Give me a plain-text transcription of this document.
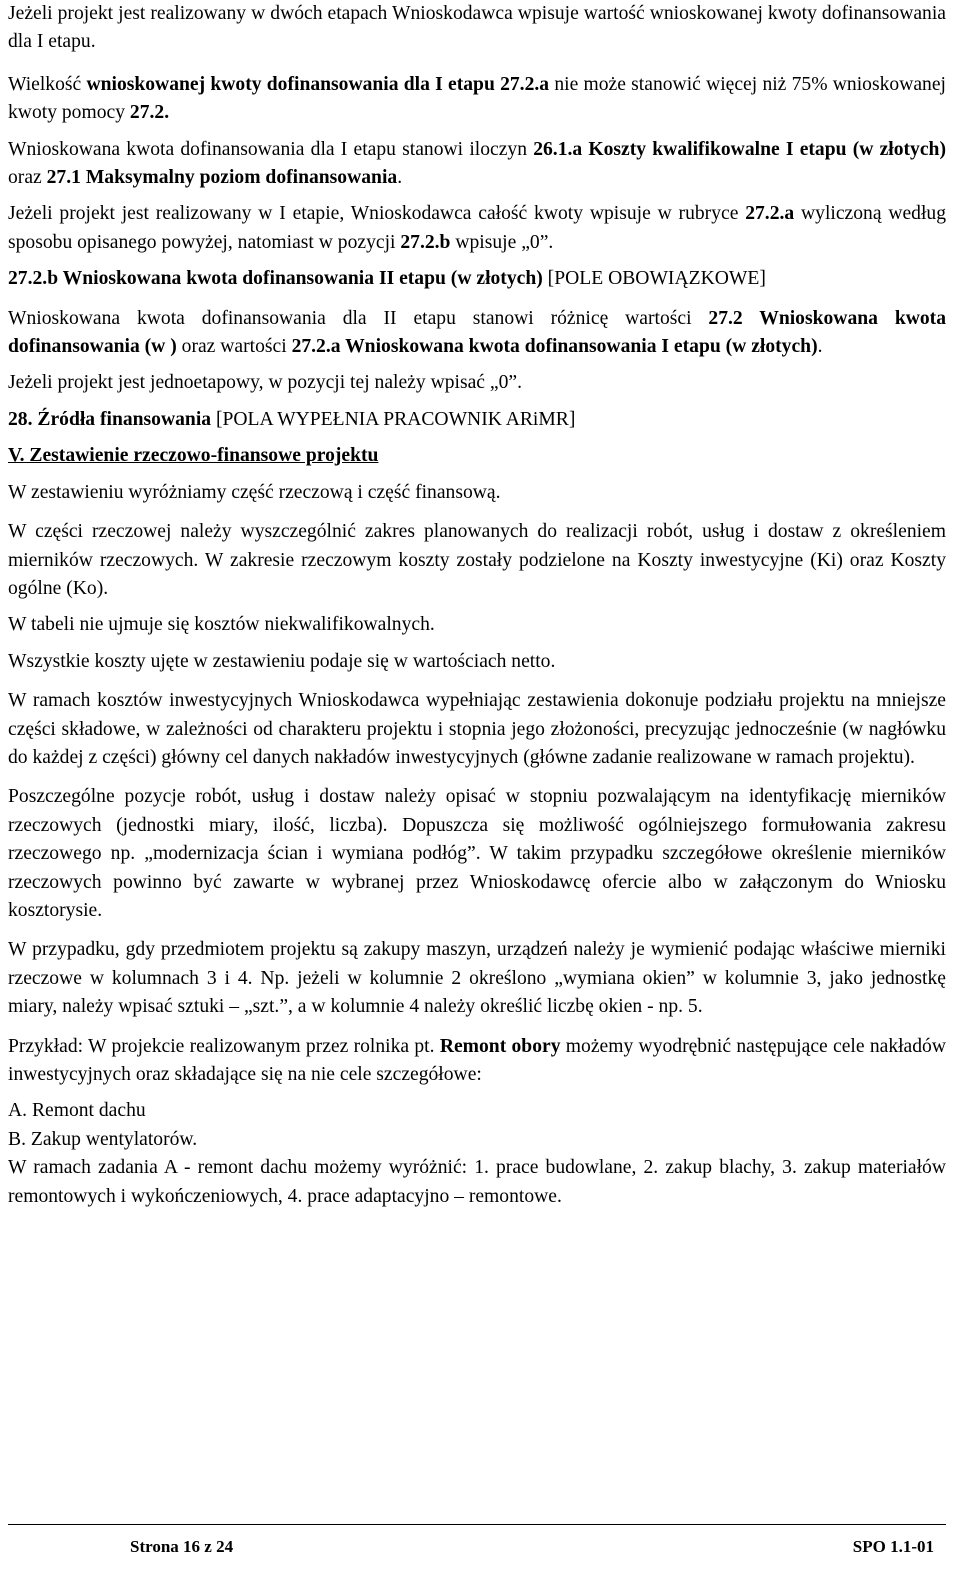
Jeżeli projekt jest realizowany w dwóch etapach Wnioskodawca wpisuje wartość wnioskowanej kwoty dofinansowania dla I etapu.

Wielkość wnioskowanej kwoty dofinansowania dla I etapu 27.2.a nie może stanowić więcej niż 75% wnioskowanej kwoty pomocy 27.2.

Wnioskowana kwota dofinansowania dla I etapu stanowi iloczyn 26.1.a Koszty kwalifikowalne I etapu (w złotych) oraz 27.1 Maksymalny poziom dofinansowania.

Jeżeli projekt jest realizowany w I etapie, Wnioskodawca całość kwoty wpisuje w rubryce 27.2.a wyliczoną według sposobu opisanego powyżej, natomiast w pozycji 27.2.b wpisuje „0”.

27.2.b Wnioskowana kwota dofinansowania II etapu (w złotych) [POLE OBOWIĄZKOWE]

Wnioskowana kwota dofinansowania dla II etapu stanowi różnicę wartości 27.2 Wnioskowana kwota dofinansowania (w ) oraz wartości 27.2.a Wnioskowana kwota dofinansowania I etapu (w złotych).

Jeżeli projekt jest jednoetapowy, w pozycji tej należy wpisać „0”.

28. Źródła finansowania [POLA WYPEŁNIA PRACOWNIK ARiMR]

V. Zestawienie rzeczowo-finansowe projektu

W zestawieniu wyróżniamy część rzeczową i część finansową.

W części rzeczowej należy wyszczególnić zakres planowanych do realizacji robót, usług i dostaw z określeniem mierników rzeczowych. W zakresie rzeczowym koszty zostały podzielone na Koszty inwestycyjne (Ki) oraz Koszty ogólne (Ko).

W tabeli nie ujmuje się kosztów niekwalifikowalnych.

Wszystkie koszty ujęte w zestawieniu podaje się w wartościach netto.

W ramach kosztów inwestycyjnych Wnioskodawca wypełniając zestawienia dokonuje podziału projektu na mniejsze części składowe, w zależności od charakteru projektu i stopnia jego złożoności, precyzując jednocześnie (w nagłówku do każdej z części) główny cel danych nakładów inwestycyjnych (główne zadanie realizowane w ramach projektu).

Poszczególne pozycje robót, usług i dostaw należy opisać w stopniu pozwalającym na identyfikację mierników rzeczowych (jednostki miary, ilość, liczba). Dopuszcza się możliwość ogólniejszego formułowania zakresu rzeczowego np. „modernizacja ścian i wymiana podłóg”. W takim przypadku szczegółowe określenie mierników rzeczowych powinno być zawarte w wybranej przez Wnioskodawcę ofercie albo w załączonym do Wniosku kosztorysie.

W przypadku, gdy przedmiotem projektu są zakupy maszyn, urządzeń należy je wymienić podając właściwe mierniki rzeczowe w kolumnach 3 i 4. Np. jeżeli w kolumnie 2 określono „wymiana okien” w kolumnie 3, jako jednostkę miary, należy wpisać sztuki – „szt.”, a w kolumnie 4 należy określić liczbę okien - np. 5.

Przykład: W projekcie realizowanym przez rolnika pt. Remont obory możemy wyodrębnić następujące cele nakładów inwestycyjnych oraz składające się na nie cele szczegółowe:

A. Remont dachu

B. Zakup wentylatorów.

W ramach zadania A - remont dachu możemy wyróżnić: 1. prace budowlane, 2. zakup blachy, 3. zakup materiałów remontowych i wykończeniowych, 4. prace adaptacyjno – remontowe.

Strona 16 z 24	SPO 1.1-01
